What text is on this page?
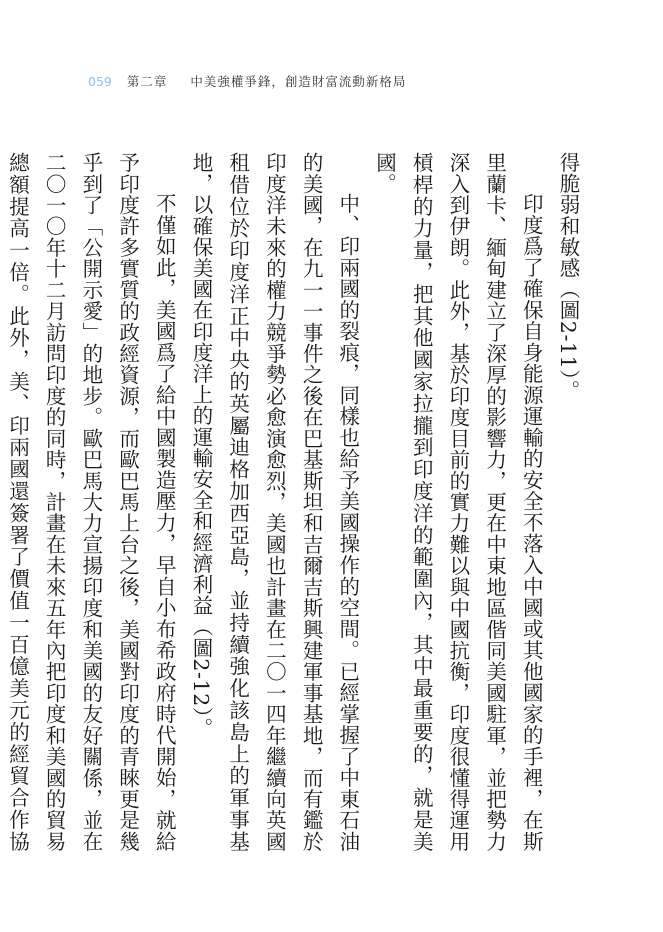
059 第二章 中美強權爭鋒，創造財富流動新格局

得脆弱和敏感（圖2-11）。

印度爲了確保自身能源運輸的安全不落入中國或其他國家的手裡，在斯里蘭卡、緬甸建立了深厚的影響力，更在中東地區偕同美國駐軍，並把勢力深入到伊朗。此外，基於印度目前的實力難以與中國抗衡，印度很懂得運用槓桿的力量，把其他國家拉攏到印度洋的範圍內，其中最重要的，就是美國。

中、印兩國的裂痕，同樣也給予美國操作的空間。已經掌握了中東石油的美國，在九一一事件之後在巴基斯坦和吉爾吉斯興建軍事基地，而有鑑於印度洋未來的權力競爭勢必愈演愈烈，美國也計畫在二〇一四年繼續向英國租借位於印度洋正中央的英屬迪格加西亞島，並持續強化該島上的軍事基地，以確保美國在印度洋上的運輸安全和經濟利益（圖2-12）。

不僅如此，美國爲了給中國製造壓力，早自小布希政府時代開始，就給予印度許多實質的政經資源，而歐巴馬上台之後，美國對印度的青睞更是幾乎到了「公開示愛」的地步。歐巴馬大力宣揚印度和美國的友好關係，並在二〇一〇年十二月訪問印度的同時，計畫在未來五年內把印度和美國的貿易總額提高一倍。此外，美、印兩國還簽署了價值一百億美元的經貿合作協
